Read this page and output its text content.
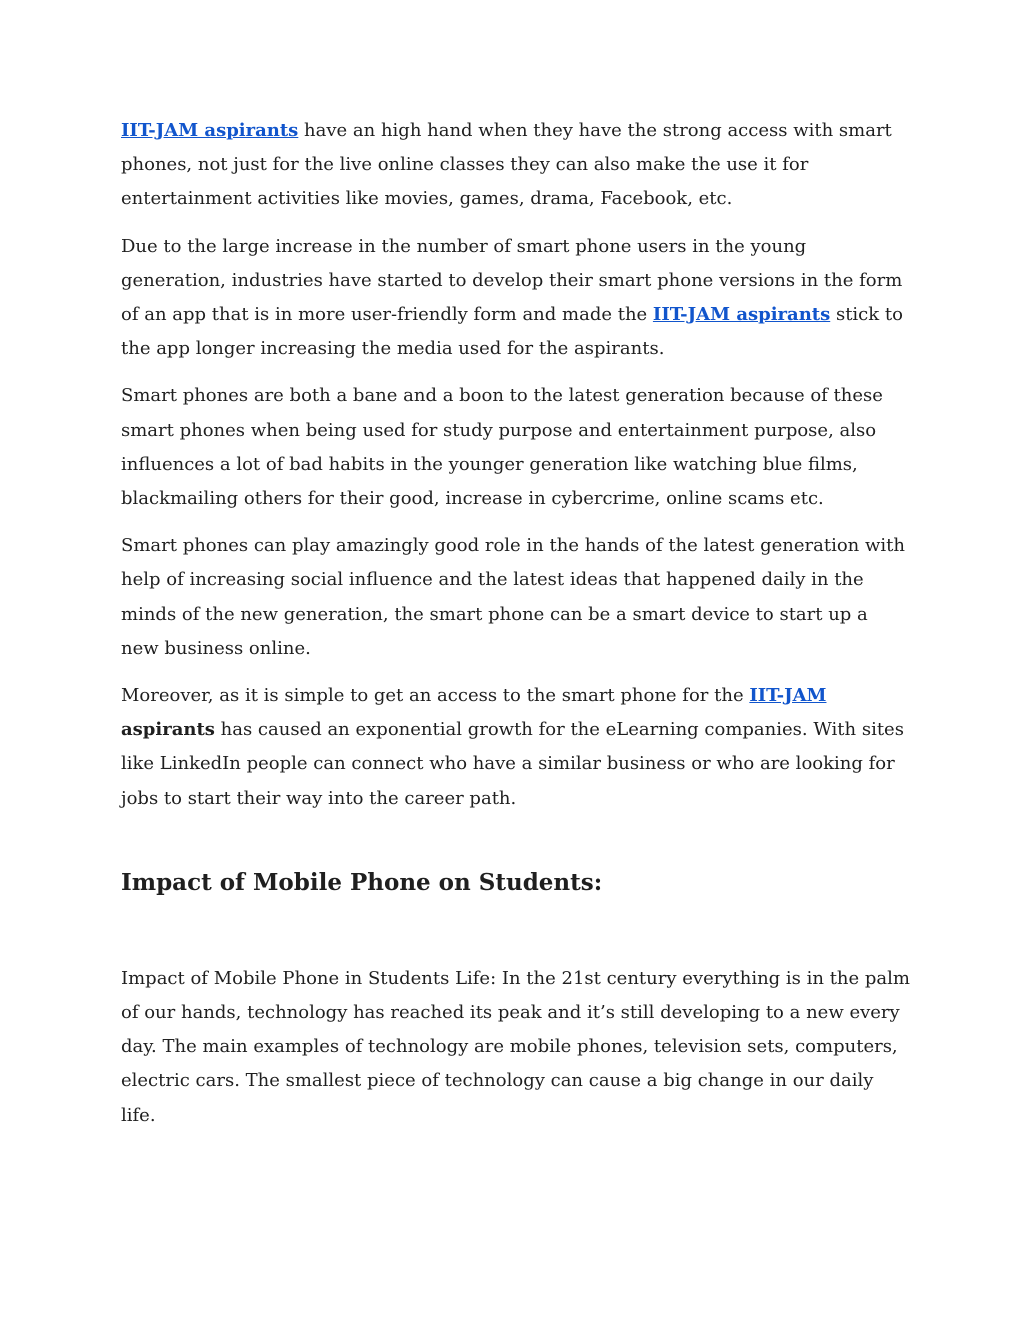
IIT-JAM aspirants have an high hand when they have the strong access with smart phones, not just for the live online classes they can also make the use it for entertainment activities like movies, games, drama, Facebook, etc.

Due to the large increase in the number of smart phone users in the young generation, industries have started to develop their smart phone versions in the form of an app that is in more user-friendly form and made the IIT-JAM aspirants stick to the app longer increasing the media used for the aspirants.

Smart phones are both a bane and a boon to the latest generation because of these smart phones when being used for study purpose and entertainment purpose, also influences a lot of bad habits in the younger generation like watching blue films, blackmailing others for their good, increase in cybercrime, online scams etc.

Smart phones can play amazingly good role in the hands of the latest generation with help of increasing social influence and the latest ideas that happened daily in the minds of the new generation, the smart phone can be a smart device to start up a new business online.

Moreover, as it is simple to get an access to the smart phone for the IIT-JAM aspirants has caused an exponential growth for the eLearning companies. With sites like LinkedIn people can connect who have a similar business or who are looking for jobs to start their way into the career path.

Impact of Mobile Phone on Students:

Impact of Mobile Phone in Students Life: In the 21st century everything is in the palm of our hands, technology has reached its peak and it’s still developing to a new every day. The main examples of technology are mobile phones, television sets, computers, electric cars. The smallest piece of technology can cause a big change in our daily life.
